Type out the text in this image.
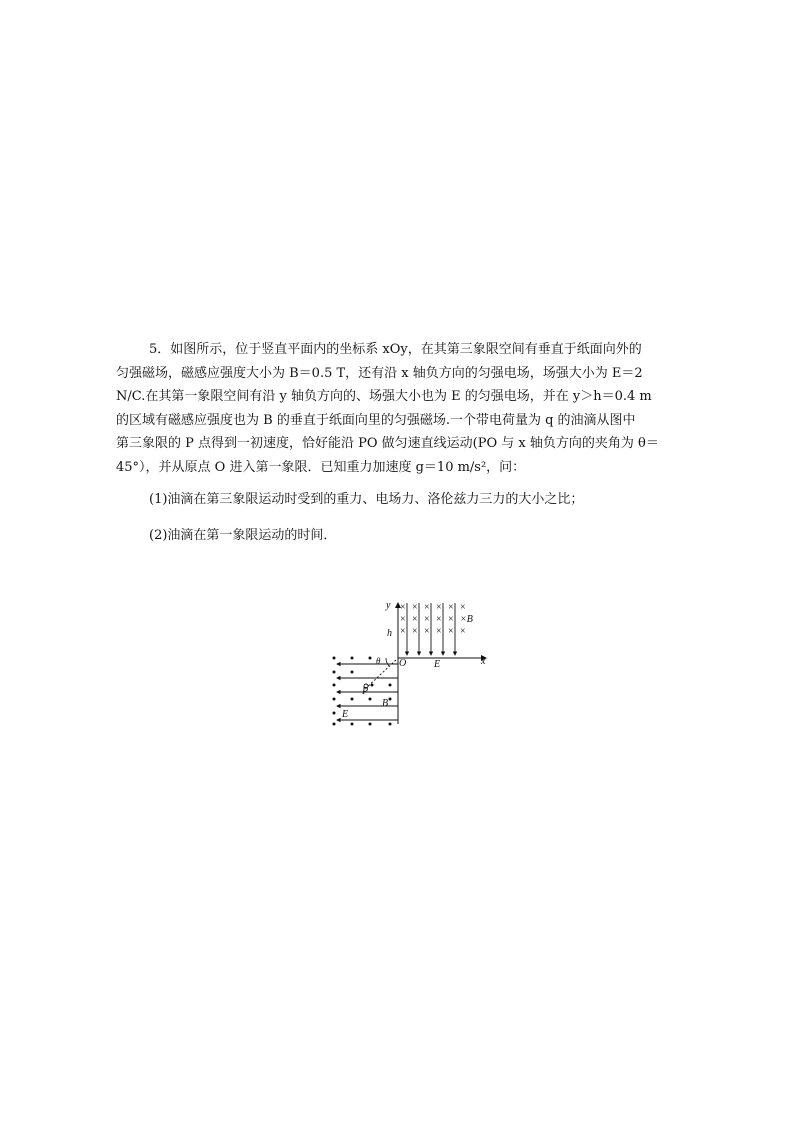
5．如图所示，位于竖直平面内的坐标系 xOy，在其第三象限空间有垂直于纸面向外的

匀强磁场，磁感应强度大小为 B＝0.5 T，还有沿 x 轴负方向的匀强电场，场强大小为 E＝2
N/C.在其第一象限空间有沿 y 轴负方向的、场强大小也为 E 的匀强电场，并在 y＞h＝0.4 m
的区域有磁感应强度也为 B 的垂直于纸面向里的匀强磁场.一个带电荷量为 q 的油滴从图中
第三象限的 P 点得到一初速度，恰好能沿 PO 做匀速直线运动(PO 与 x 轴负方向的夹角为 θ＝
45°），并从原点 O 进入第一象限．已知重力加速度 g＝10 m/s²，问：

(1)油滴在第三象限运动时受到的重力、电场力、洛伦兹力三力的大小之比；

(2)油滴在第一象限运动的时间．

× × × × × ×
× × × × ×
× × × × × ×
y
h
×B
O	E	x
θ
P
B
E
